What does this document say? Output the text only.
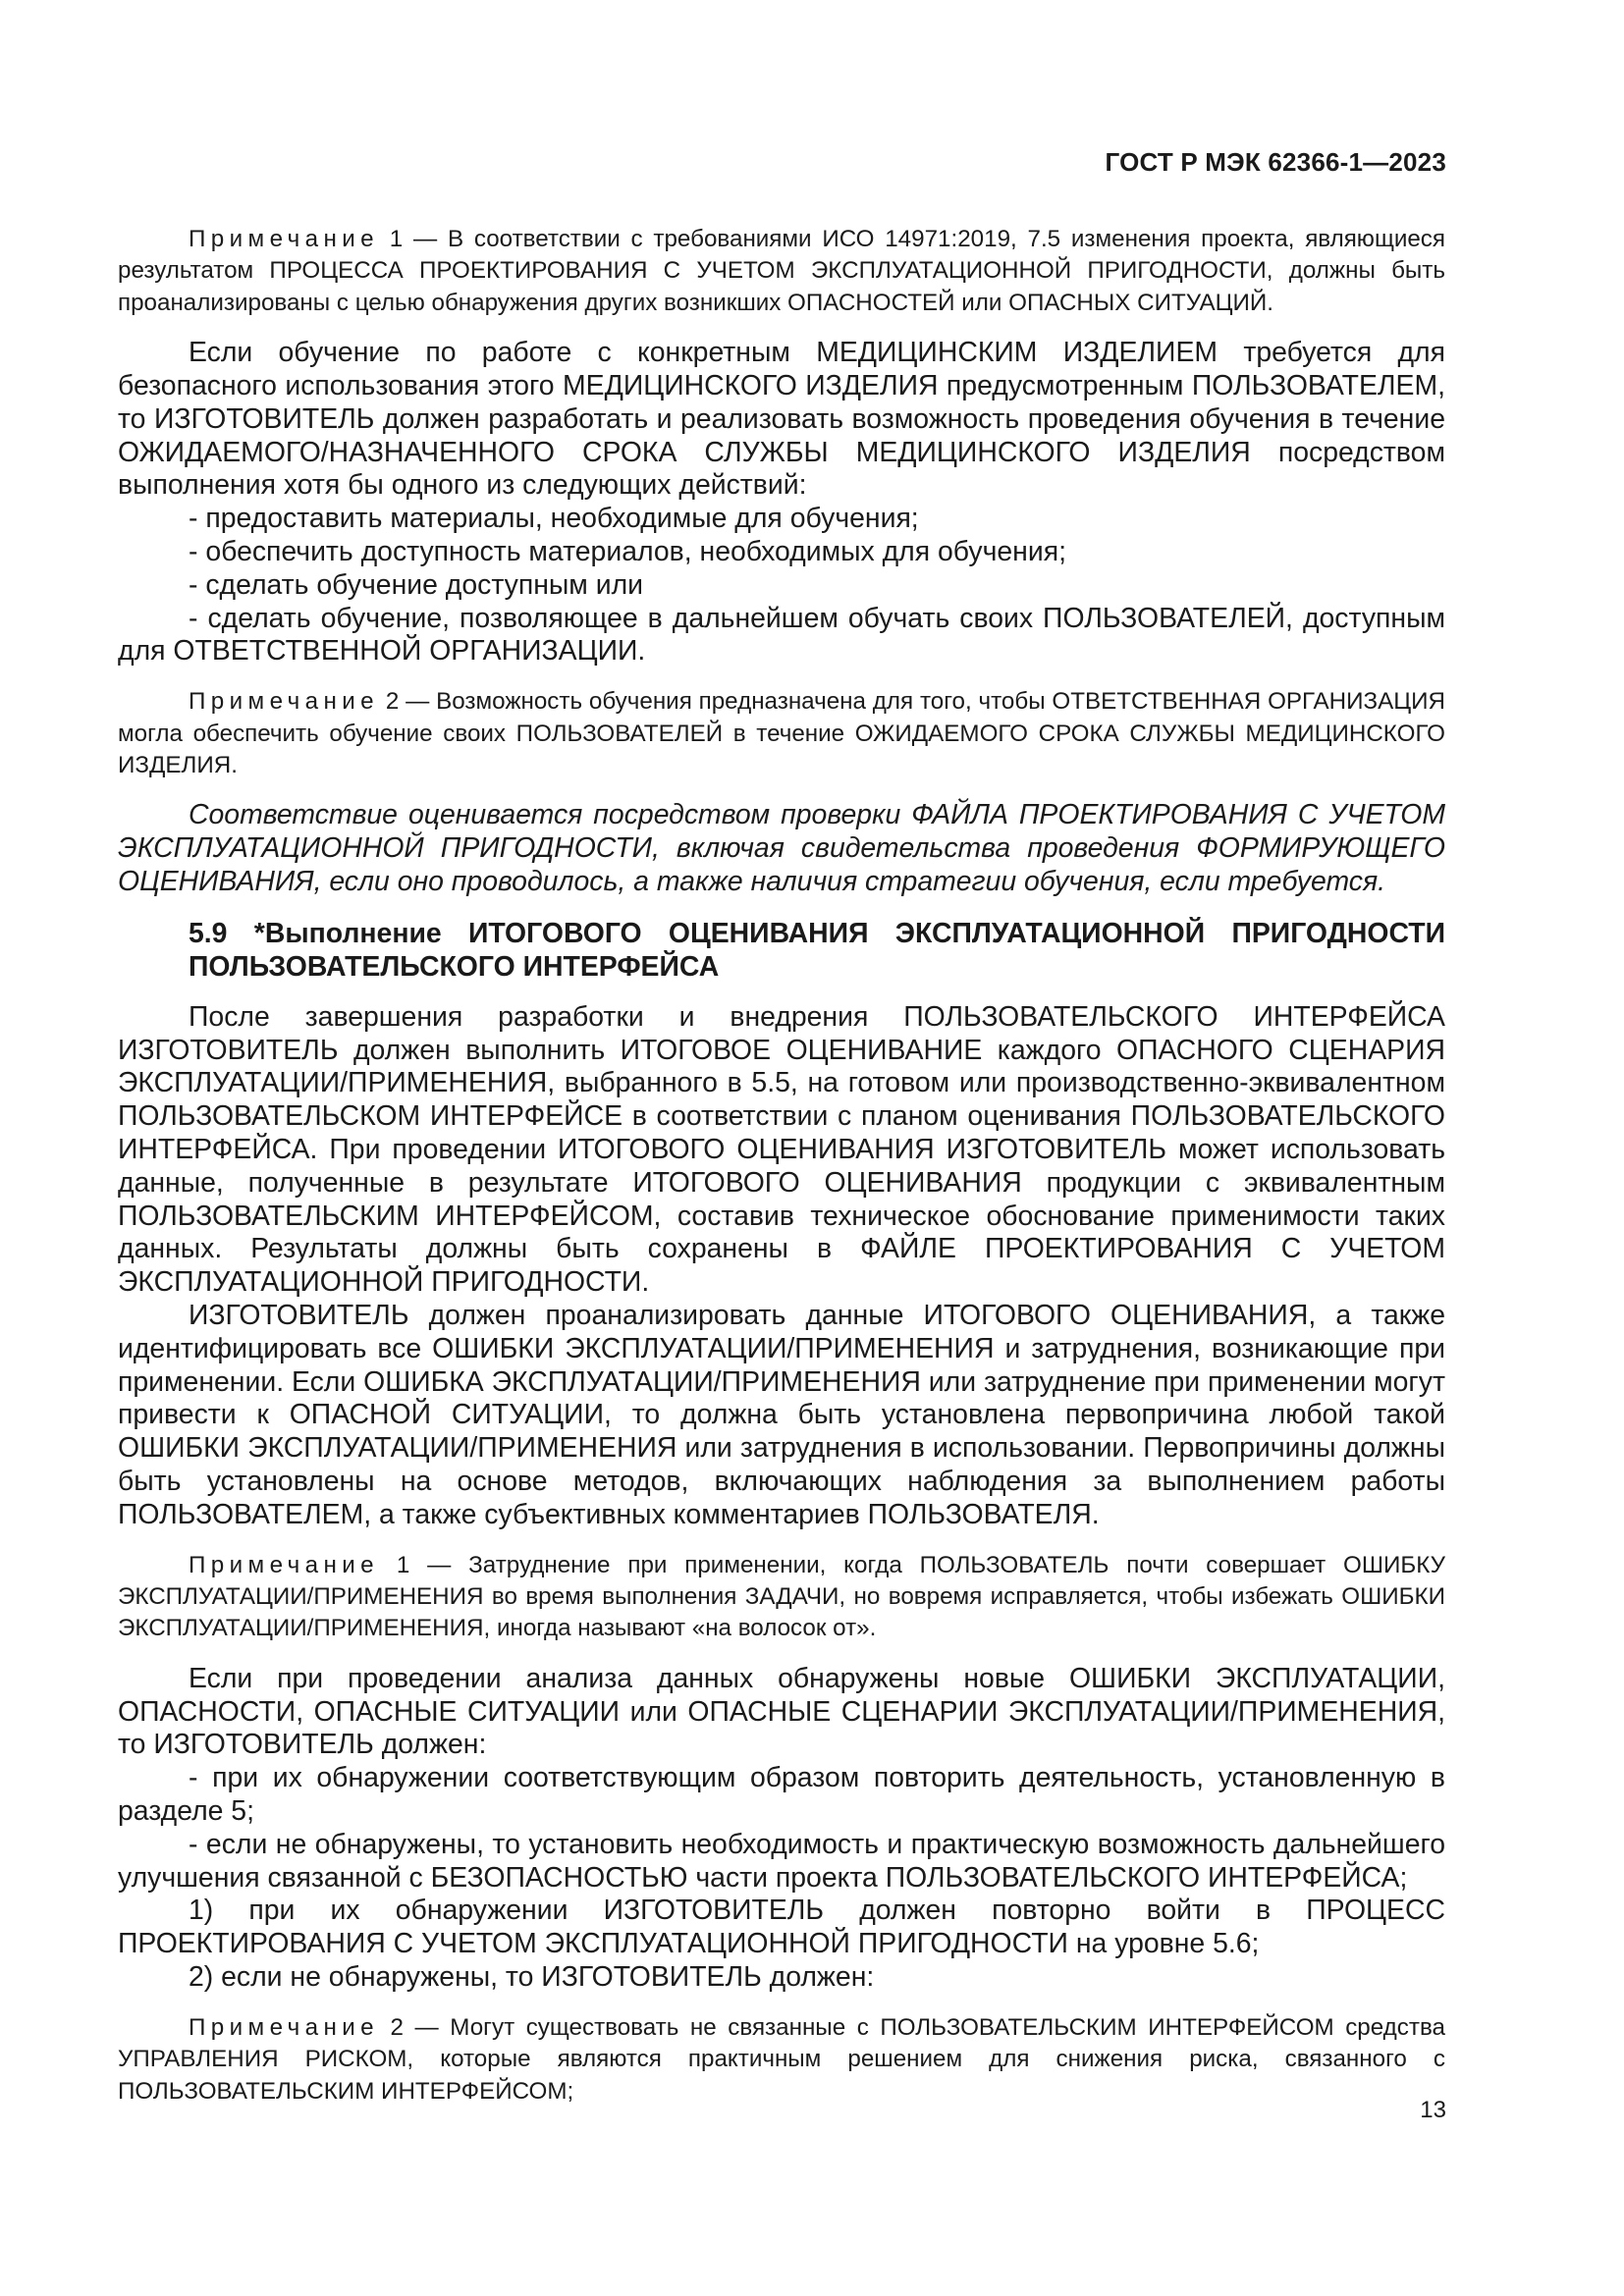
ГОСТ Р МЭК 62366-1—2023

Примечание 1 — В соответствии с требованиями ИСО 14971:2019, 7.5 изменения проекта, являющиеся результатом ПРОЦЕССА ПРОЕКТИРОВАНИЯ С УЧЕТОМ ЭКСПЛУАТАЦИОННОЙ ПРИГОДНОСТИ, должны быть проанализированы с целью обнаружения других возникших ОПАСНОСТЕЙ или ОПАСНЫХ СИТУАЦИЙ.

Если обучение по работе с конкретным МЕДИЦИНСКИМ ИЗДЕЛИЕМ требуется для безопасного использования этого МЕДИЦИНСКОГО ИЗДЕЛИЯ предусмотренным ПОЛЬЗОВАТЕЛЕМ, то ИЗГОТОВИТЕЛЬ должен разработать и реализовать возможность проведения обучения в течение ОЖИДАЕМОГО/НАЗНАЧЕННОГО СРОКА СЛУЖБЫ МЕДИЦИНСКОГО ИЗДЕЛИЯ посредством выполнения хотя бы одного из следующих действий:

- предоставить материалы, необходимые для обучения;

- обеспечить доступность материалов, необходимых для обучения;

- сделать обучение доступным или

- сделать обучение, позволяющее в дальнейшем обучать своих ПОЛЬЗОВАТЕЛЕЙ, доступным для ОТВЕТСТВЕННОЙ ОРГАНИЗАЦИИ.

Примечание 2 — Возможность обучения предназначена для того, чтобы ОТВЕТСТВЕННАЯ ОРГАНИЗАЦИЯ могла обеспечить обучение своих ПОЛЬЗОВАТЕЛЕЙ в течение ОЖИДАЕМОГО СРОКА СЛУЖБЫ МЕДИЦИНСКОГО ИЗДЕЛИЯ.

Соответствие оценивается посредством проверки ФАЙЛА ПРОЕКТИРОВАНИЯ С УЧЕТОМ ЭКСПЛУАТАЦИОННОЙ ПРИГОДНОСТИ, включая свидетельства проведения ФОРМИРУЮЩЕГО ОЦЕНИВАНИЯ, если оно проводилось, а также наличия стратегии обучения, если требуется.

5.9 *Выполнение ИТОГОВОГО ОЦЕНИВАНИЯ ЭКСПЛУАТАЦИОННОЙ ПРИГОДНОСТИ ПОЛЬЗОВАТЕЛЬСКОГО ИНТЕРФЕЙСА

После завершения разработки и внедрения ПОЛЬЗОВАТЕЛЬСКОГО ИНТЕРФЕЙСА ИЗГОТОВИТЕЛЬ должен выполнить ИТОГОВОЕ ОЦЕНИВАНИЕ каждого ОПАСНОГО СЦЕНАРИЯ ЭКСПЛУАТАЦИИ/ПРИМЕНЕНИЯ, выбранного в 5.5, на готовом или производственно-эквивалентном ПОЛЬЗОВАТЕЛЬСКОМ ИНТЕРФЕЙСЕ в соответствии с планом оценивания ПОЛЬЗОВАТЕЛЬСКОГО ИНТЕРФЕЙСА. При проведении ИТОГОВОГО ОЦЕНИВАНИЯ ИЗГОТОВИТЕЛЬ может использовать данные, полученные в результате ИТОГОВОГО ОЦЕНИВАНИЯ продукции с эквивалентным ПОЛЬЗОВАТЕЛЬСКИМ ИНТЕРФЕЙСОМ, составив техническое обоснование применимости таких данных. Результаты должны быть сохранены в ФАЙЛЕ ПРОЕКТИРОВАНИЯ С УЧЕТОМ ЭКСПЛУАТАЦИОННОЙ ПРИГОДНОСТИ.

ИЗГОТОВИТЕЛЬ должен проанализировать данные ИТОГОВОГО ОЦЕНИВАНИЯ, а также идентифицировать все ОШИБКИ ЭКСПЛУАТАЦИИ/ПРИМЕНЕНИЯ и затруднения, возникающие при применении. Если ОШИБКА ЭКСПЛУАТАЦИИ/ПРИМЕНЕНИЯ или затруднение при применении могут привести к ОПАСНОЙ СИТУАЦИИ, то должна быть установлена первопричина любой такой ОШИБКИ ЭКСПЛУАТАЦИИ/ПРИМЕНЕНИЯ или затруднения в использовании. Первопричины должны быть установлены на основе методов, включающих наблюдения за выполнением работы ПОЛЬЗОВАТЕЛЕМ, а также субъективных комментариев ПОЛЬЗОВАТЕЛЯ.

Примечание 1 — Затруднение при применении, когда ПОЛЬЗОВАТЕЛЬ почти совершает ОШИБКУ ЭКСПЛУАТАЦИИ/ПРИМЕНЕНИЯ во время выполнения ЗАДАЧИ, но вовремя исправляется, чтобы избежать ОШИБКИ ЭКСПЛУАТАЦИИ/ПРИМЕНЕНИЯ, иногда называют «на волосок от».

Если при проведении анализа данных обнаружены новые ОШИБКИ ЭКСПЛУАТАЦИИ, ОПАСНОСТИ, ОПАСНЫЕ СИТУАЦИИ или ОПАСНЫЕ СЦЕНАРИИ ЭКСПЛУАТАЦИИ/ПРИМЕНЕНИЯ, то ИЗГОТОВИТЕЛЬ должен:

- при их обнаружении соответствующим образом повторить деятельность, установленную в разделе 5;

- если не обнаружены, то установить необходимость и практическую возможность дальнейшего улучшения связанной с БЕЗОПАСНОСТЬЮ части проекта ПОЛЬЗОВАТЕЛЬСКОГО ИНТЕРФЕЙСА;

1) при их обнаружении ИЗГОТОВИТЕЛЬ должен повторно войти в ПРОЦЕСС ПРОЕКТИРОВАНИЯ С УЧЕТОМ ЭКСПЛУАТАЦИОННОЙ ПРИГОДНОСТИ на уровне 5.6;

2) если не обнаружены, то ИЗГОТОВИТЕЛЬ должен:

Примечание 2 — Могут существовать не связанные с ПОЛЬЗОВАТЕЛЬСКИМ ИНТЕРФЕЙСОМ средства УПРАВЛЕНИЯ РИСКОМ, которые являются практичным решением для снижения риска, связанного с ПОЛЬЗОВАТЕЛЬСКИМ ИНТЕРФЕЙСОМ;

13
